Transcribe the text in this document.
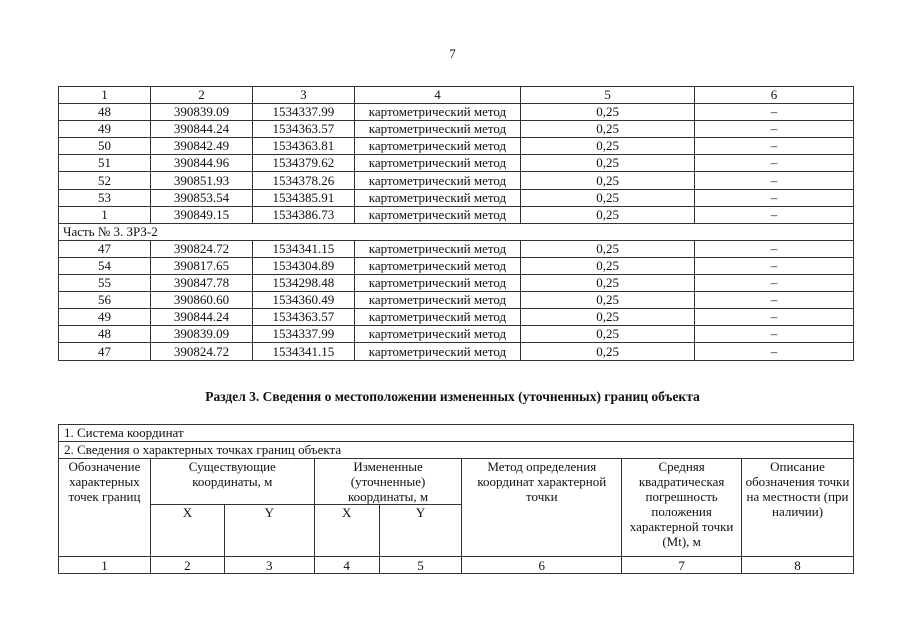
7
1	2	3	4	5	6
48	390839.09	1534337.99	картометрический метод	0,25	–
49	390844.24	1534363.57	картометрический метод	0,25	–
50	390842.49	1534363.81	картометрический метод	0,25	–
51	390844.96	1534379.62	картометрический метод	0,25	–
52	390851.93	1534378.26	картометрический метод	0,25	–
53	390853.54	1534385.91	картометрический метод	0,25	–
1	390849.15	1534386.73	картометрический метод	0,25	–
Часть № 3. ЗРЗ-2					
47	390824.72	1534341.15	картометрический метод	0,25	–
54	390817.65	1534304.89	картометрический метод	0,25	–
55	390847.78	1534298.48	картометрический метод	0,25	–
56	390860.60	1534360.49	картометрический метод	0,25	–
49	390844.24	1534363.57	картометрический метод	0,25	–
48	390839.09	1534337.99	картометрический метод	0,25	–
47	390824.72	1534341.15	картометрический метод	0,25	–
Раздел 3. Сведения о местоположении измененных (уточненных) границ объекта
1. Система координат							
2. Сведения о характерных точках границ объекта							
Обозначение характерных точек границ	Существующие координаты, м		Измененные (уточненные) координаты, м		Метод определения координат характерной точки	Средняя квадратическая погрешность положения характерной точки (Mt), м	Описание обозначения точки на местности (при наличии)
	X	Y	X	Y			
1	2	3	4	5	6	7	8
